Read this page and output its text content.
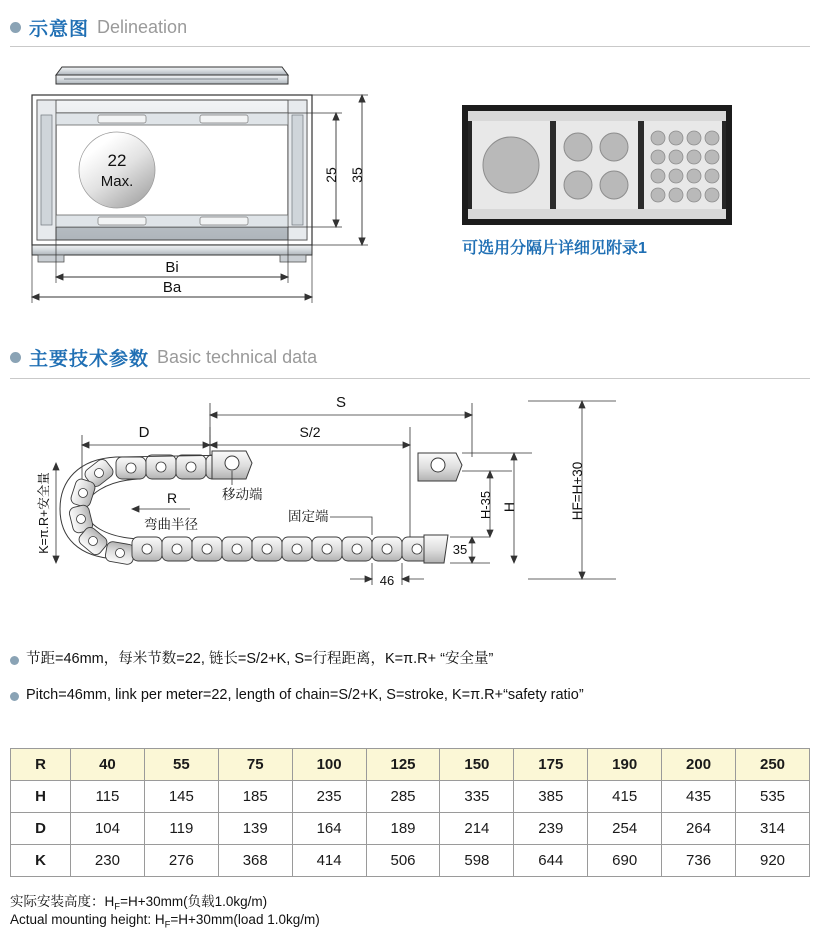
示意图 Delineation
22
Max.	25 35
Bi
Ba
可选用分隔片详细见附录1
主要技术参数 Basic technical data
S
S/2
D
K=π.R+安全量	R
弯曲半径
移动端
固定端
35
46
H-35 H	HF=H+30
节距=46mm，每米节数=22, 链长=S/2+K, S=行程距离，K=π.R+ “安全量”
Pitch=46mm, link per meter=22, length of chain=S/2+K, S=stroke, K=π.R+“safety ratio”
R	40	55	75	100	125	150	175	190	200	250
H	115	145	185	235	285	335	385	415	435	535
D	104	119	139	164	189	214	239	254	264	314
K	230	276	368	414	506	598	644	690	736	920
实际安装高度：$H_F=H+30mm$(负载1.0kg/m)
Actual mounting height: $H_F=H+30mm(load$ 1.0kg/m)
